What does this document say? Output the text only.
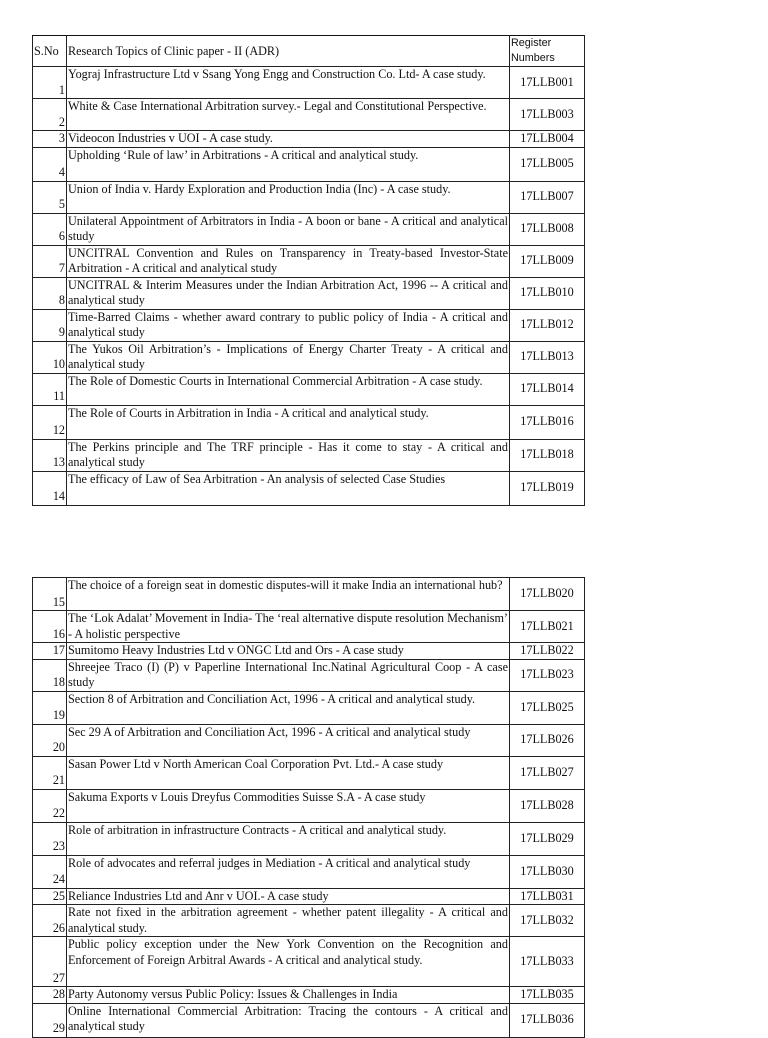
S.No	Research Topics of Clinic paper - II (ADR)	Register Numbers
1	Yograj Infrastructure Ltd v Ssang Yong Engg and Construction Co. Ltd- A case study.	17LLB001
2	White & Case International Arbitration survey.- Legal and Constitutional Perspective.	17LLB003
3	Videocon Industries v UOI - A case study.	17LLB004
4	Upholding ‘Rule of law’ in Arbitrations - A critical and analytical study.	17LLB005
5	Union of India v. Hardy Exploration and Production India (Inc) - A case study.	17LLB007
6	Unilateral Appointment of Arbitrators in India - A boon or bane - A critical and analytical study	17LLB008
7	UNCITRAL Convention and Rules on Transparency in Treaty-based Investor-State Arbitration - A critical and analytical study	17LLB009
8	UNCITRAL & Interim Measures under the Indian Arbitration Act, 1996 -- A critical and analytical study	17LLB010
9	Time-Barred Claims - whether award contrary to public policy of India - A critical and analytical study	17LLB012
10	The Yukos Oil Arbitration’s - Implications of Energy Charter Treaty - A critical and analytical study	17LLB013
11	The Role of Domestic Courts in International Commercial Arbitration - A case study.	17LLB014
12	The Role of Courts in Arbitration in India - A critical and analytical study.	17LLB016
13	The Perkins principle and The TRF principle - Has it come to stay - A critical and analytical study	17LLB018
14	The efficacy of Law of Sea Arbitration - An analysis of selected Case Studies	17LLB019
15	The choice of a foreign seat in domestic disputes-will it make India an international hub?	17LLB020
16	The ‘Lok Adalat’ Movement in India- The ‘real alternative dispute resolution Mechanism’ - A holistic perspective	17LLB021
17	Sumitomo Heavy Industries Ltd v ONGC Ltd and Ors - A case study	17LLB022
18	Shreejee Traco (I) (P) v Paperline International Inc.Natinal Agricultural Coop - A case study	17LLB023
19	Section 8 of Arbitration and Conciliation Act, 1996 - A critical and analytical study.	17LLB025
20	Sec 29 A of Arbitration and Conciliation Act, 1996 - A critical and analytical study	17LLB026
21	Sasan Power Ltd v North American Coal Corporation Pvt. Ltd.- A case study	17LLB027
22	Sakuma Exports v Louis Dreyfus Commodities Suisse S.A - A case study	17LLB028
23	Role of arbitration in infrastructure Contracts - A critical and analytical study.	17LLB029
24	Role of advocates and referral judges in Mediation - A critical and analytical study	17LLB030
25	Reliance Industries Ltd and Anr v UOI.- A case study	17LLB031
26	Rate not fixed in the arbitration agreement - whether patent illegality - A critical and analytical study.	17LLB032
27	Public policy exception under the New York Convention on the Recognition and Enforcement of Foreign Arbitral Awards - A critical and analytical study.	17LLB033
28	Party Autonomy versus Public Policy: Issues & Challenges in India	17LLB035
29	Online International Commercial Arbitration: Tracing the contours - A critical and analytical study	17LLB036
